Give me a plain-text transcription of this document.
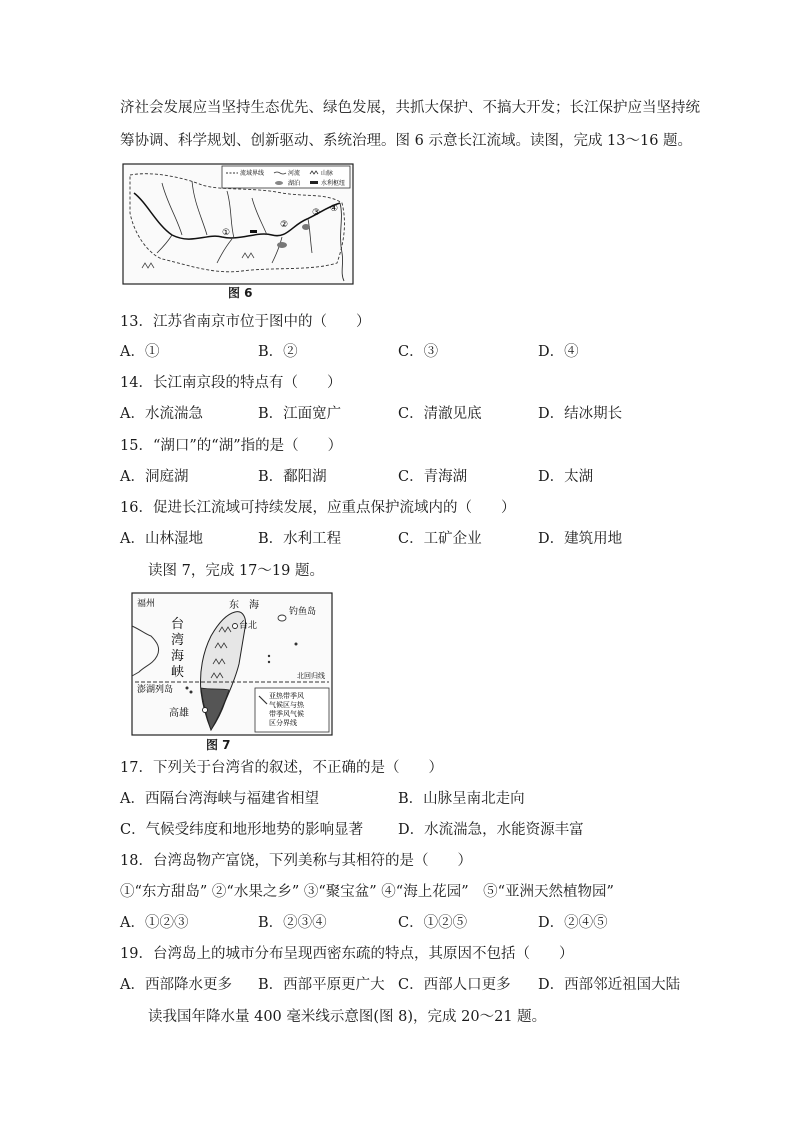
济社会发展应当坚持生态优先、绿色发展，共抓大保护、不搞大开发；长江保护应当坚持统
筹协调、科学规划、创新驱动、系统治理。图 6 示意长江流域。读图，完成 13～16 题。
流域界线	河流	山脉
湖泊	水利枢纽
①
②
③ ④
图 6
13．江苏省南京市位于图中的（　　）
A．①	B．②	C．③	D．④
14．长江南京段的特点有（　　）
A．水流湍急	B．江面宽广	C．清澈见底	D．结冰期长
15．“湖口”的“湖”指的是（　　）
A．洞庭湖	B．鄱阳湖	C．青海湖	D．太湖
16．促进长江流域可持续发展，应重点保护流域内的（　　）
A．山林湿地	B．水利工程	C．工矿企业	D．建筑用地
读图 7，完成 17～19 题。
福州	东　海
钓鱼岛
台
湾
海
峡
台北
北回归线
澎湖列岛
高雄
亚热带季风
气候区与热
带季风气候
区分界线
图 7
17．下列关于台湾省的叙述，不正确的是（　　）
A．西隔台湾海峡与福建省相望	B．山脉呈南北走向
C．气候受纬度和地形地势的影响显著 D．水流湍急，水能资源丰富
18．台湾岛物产富饶，下列美称与其相符的是（　　）
①“东方甜岛” ②“水果之乡” ③“聚宝盆” ④“海上花园”　⑤“亚洲天然植物园”
A．①②③	B．②③④	C．①②⑤	D．②④⑤
19．台湾岛上的城市分布呈现西密东疏的特点，其原因不包括（　　）
A．西部降水更多 B．西部平原更广大 C．西部人口更多 D．西部邻近祖国大陆
读我国年降水量 400 毫米线示意图(图 8)，完成 20～21 题。
